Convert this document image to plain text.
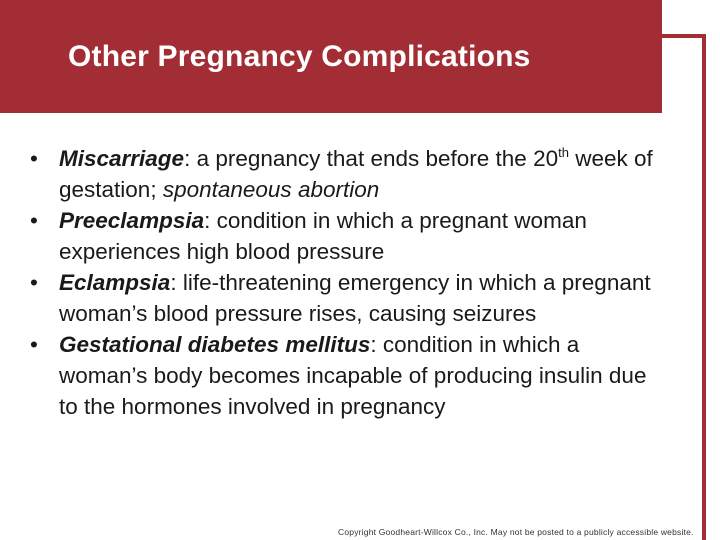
Other Pregnancy Complications

• Miscarriage: a pregnancy that ends before the 20th week of gestation; spontaneous abortion

• Preeclampsia: condition in which a pregnant woman experiences high blood pressure

• Eclampsia: life-threatening emergency in which a pregnant woman’s blood pressure rises, causing seizures

• Gestational diabetes mellitus: condition in which a woman’s body becomes incapable of producing insulin due to the hormones involved in pregnancy

Copyright Goodheart-Willcox Co., Inc. May not be posted to a publicly accessible website.
